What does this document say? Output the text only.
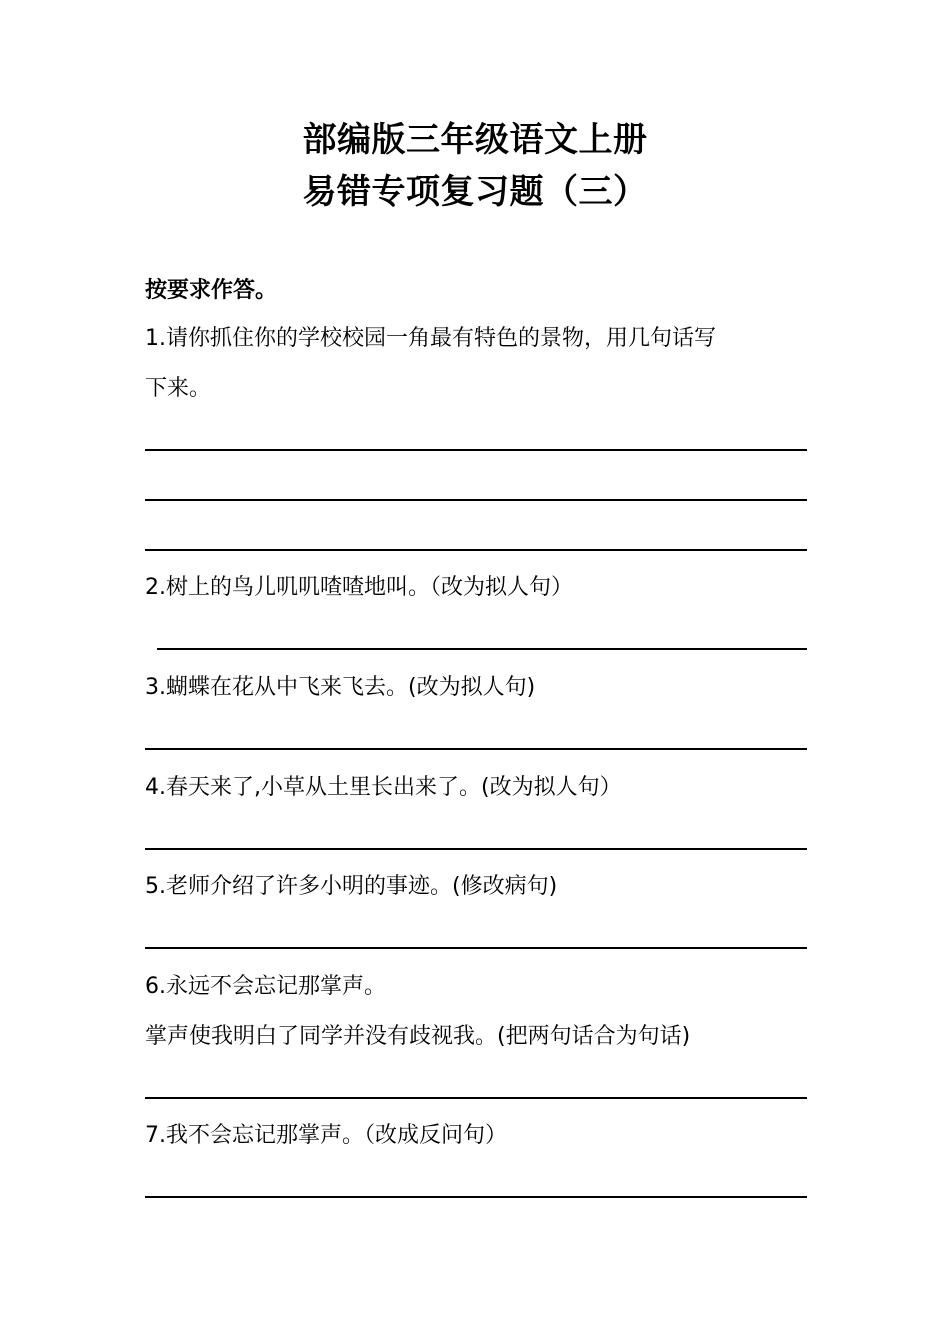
部编版三年级语文上册
易错专项复习题（三）
按要求作答。
1.请你抓住你的学校校园一角最有特色的景物，用几句话写
下来。
2.树上的鸟儿叽叽喳喳地叫。（改为拟人句）
3.蝴蝶在花从中飞来飞去。(改为拟人句)
4.春天来了,小草从土里长出来了。(改为拟人句）
5.老师介绍了许多小明的事迹。(修改病句)
6.永远不会忘记那掌声。
掌声使我明白了同学并没有歧视我。(把两句话合为句话)
7.我不会忘记那掌声。（改成反问句）
